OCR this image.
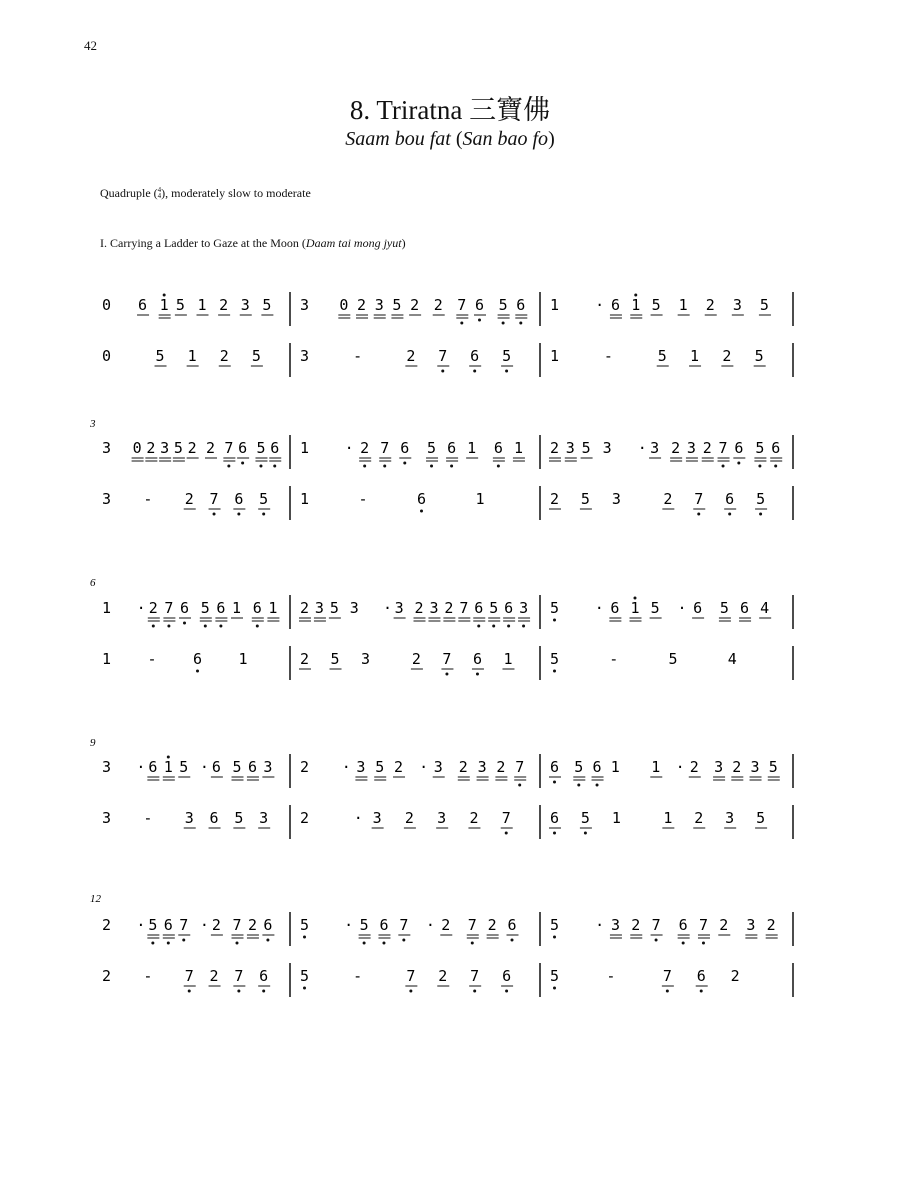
42
8. Triratna 三寶佛
Saam bou fat (San bao fo)
Quadruple ( 4
4 ), moderately slow to moderate
I. Carrying a Ladder to Gaze at the Moon (Daam tai mong jyut)
0 6 1 5 1 2 3 5 3 0 2 3 5 2 2 7 6 5 6 1 · 6 1 5 1 2 3 5
0	5 1 2 5	3	-	2 7 6 5	1	-	5 1 2 5
3
3 0 2 3 5 2 2 7 6 5 6 1 · 2 7 6 5 6 1 6 1 2 3 5 3 · 3 2 3 2 7 6 5 6
3 - 2 7 6 5 1	-	6	1	2 5 3	2 7 6 5
6
1 · 2 7 6 5 6 1 6 1 2 3 5 3 · 3 2 3 2 7 6 5 6 3 5 · 6 1 5 · 6 5 6 4
1 - 6 1	2 5 3	2 7 6 1 5	-	5	4
9
3 · 6 1 5 · 6 5 6 3 2 · 3 5 2 · 3 2 3 2 7 6 5 6 1 1 · 2 3 2 3 5
3 - 3 6 5 3 2	· 3 2 3 2 7	6 5 1	1 2 3 5
12
2 · 5 6 7 · 2 7 2 6 5 · 5 6 7 · 2 7 2 6 5 · 3 2 7 6 7 2 3 2
2 - 7 2 7 6 5	-	7 2 7 6	5	-	7 6 2
